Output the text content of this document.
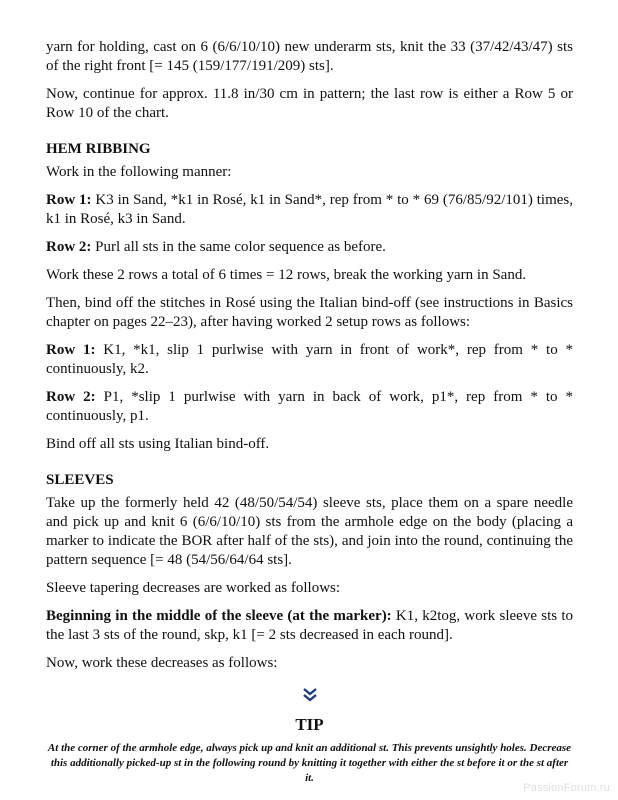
yarn for holding, cast on 6 (6/6/10/10) new underarm sts, knit the 33 (37/42/43/47) sts of the right front [= 145 (159/177/191/209) sts].

Now, continue for approx. 11.8 in/30 cm in pattern; the last row is either a Row 5 or Row 10 of the chart.

HEM RIBBING

Work in the following manner:

Row 1: K3 in Sand, *k1 in Rosé, k1 in Sand*, rep from * to * 69 (76/85/92/101) times, k1 in Rosé, k3 in Sand.

Row 2: Purl all sts in the same color sequence as before.

Work these 2 rows a total of 6 times = 12 rows, break the working yarn in Sand.

Then, bind off the stitches in Rosé using the Italian bind-off (see instructions in Basics chapter on pages 22–23), after having worked 2 setup rows as follows:

Row 1: K1, *k1, slip 1 purlwise with yarn in front of work*, rep from * to * continuously, k2.

Row 2: P1, *slip 1 purlwise with yarn in back of work, p1*, rep from * to * continuously, p1.

Bind off all sts using Italian bind-off.

SLEEVES

Take up the formerly held 42 (48/50/54/54) sleeve sts, place them on a spare needle and pick up and knit 6 (6/6/10/10) sts from the armhole edge on the body (placing a marker to indicate the BOR after half of the sts), and join into the round, continuing the pattern sequence [= 48 (54/56/64/64 sts].

Sleeve tapering decreases are worked as follows:

Beginning in the middle of the sleeve (at the marker): K1, k2tog, work sleeve sts to the last 3 sts of the round, skp, k1 [= 2 sts decreased in each round].

Now, work these decreases as follows:

TIP

At the corner of the armhole edge, always pick up and knit an additional st. This prevents unsightly holes. Decrease this additionally picked-up st in the following round by knitting it together with either the st before it or the st after it.

PassionForum.ru
